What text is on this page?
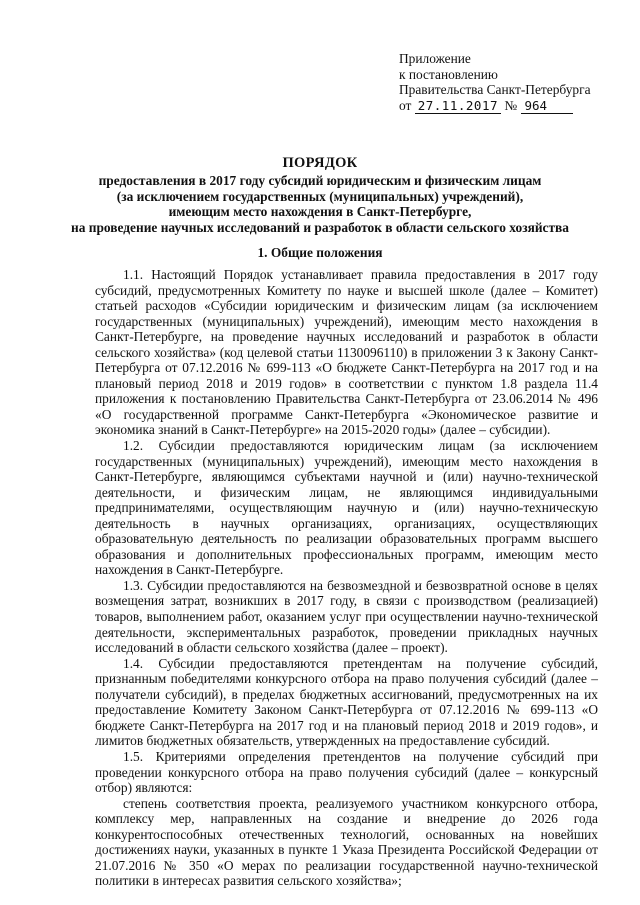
Приложение
к постановлению
Правительства Санкт-Петербурга
от 27.11.2017 № 964
ПОРЯДОК
предоставления в 2017 году субсидий юридическим и физическим лицам
(за исключением государственных (муниципальных) учреждений),
имеющим место нахождения в Санкт-Петербурге,
на проведение научных исследований и разработок в области сельского хозяйства
1. Общие положения

1.1. Настоящий Порядок устанавливает правила предоставления в 2017 году субсидий, предусмотренных Комитету по науке и высшей школе (далее – Комитет) статьей расходов «Субсидии юридическим и физическим лицам (за исключением государственных (муниципальных) учреждений), имеющим место нахождения в Санкт-Петербурге, на проведение научных исследований и разработок в области сельского хозяйства» (код целевой статьи 1130096110) в приложении 3 к Закону Санкт-Петербурга от 07.12.2016 № 699-113 «О бюджете Санкт-Петербурга на 2017 год и на плановый период 2018 и 2019 годов» в соответствии с пунктом 1.8 раздела 11.4 приложения к постановлению Правительства Санкт-Петербурга от 23.06.2014 № 496 «О государственной программе Санкт-Петербурга «Экономическое развитие и экономика знаний в Санкт-Петербурге» на 2015-2020 годы» (далее – субсидии).

1.2. Субсидии предоставляются юридическим лицам (за исключением государственных (муниципальных) учреждений), имеющим место нахождения в Санкт-Петербурге, являющимся субъектами научной и (или) научно-технической деятельности, и физическим лицам, не являющимся индивидуальными предпринимателями, осуществляющим научную и (или) научно-техническую деятельность в научных организациях, организациях, осуществляющих образовательную деятельность по реализации образовательных программ высшего образования и дополнительных профессиональных программ, имеющим место нахождения в Санкт-Петербурге.

1.3. Субсидии предоставляются на безвозмездной и безвозвратной основе в целях возмещения затрат, возникших в 2017 году, в связи с производством (реализацией) товаров, выполнением работ, оказанием услуг при осуществлении научно-технической деятельности, экспериментальных разработок, проведении прикладных научных исследований в области сельского хозяйства (далее – проект).

1.4. Субсидии предоставляются претендентам на получение субсидий, признанным победителями конкурсного отбора на право получения субсидий (далее – получатели субсидий), в пределах бюджетных ассигнований, предусмотренных на их предоставление Комитету Законом Санкт-Петербурга от 07.12.2016 № 699-113 «О бюджете Санкт-Петербурга на 2017 год и на плановый период 2018 и 2019 годов», и лимитов бюджетных обязательств, утвержденных на предоставление субсидий.

1.5. Критериями определения претендентов на получение субсидий при проведении конкурсного отбора на право получения субсидий (далее – конкурсный отбор) являются:

степень соответствия проекта, реализуемого участником конкурсного отбора, комплексу мер, направленных на создание и внедрение до 2026 года конкурентоспособных отечественных технологий, основанных на новейших достижениях науки, указанных в пункте 1 Указа Президента Российской Федерации от 21.07.2016 № 350 «О мерах по реализации государственной научно-технической политики в интересах развития сельского хозяйства»;
